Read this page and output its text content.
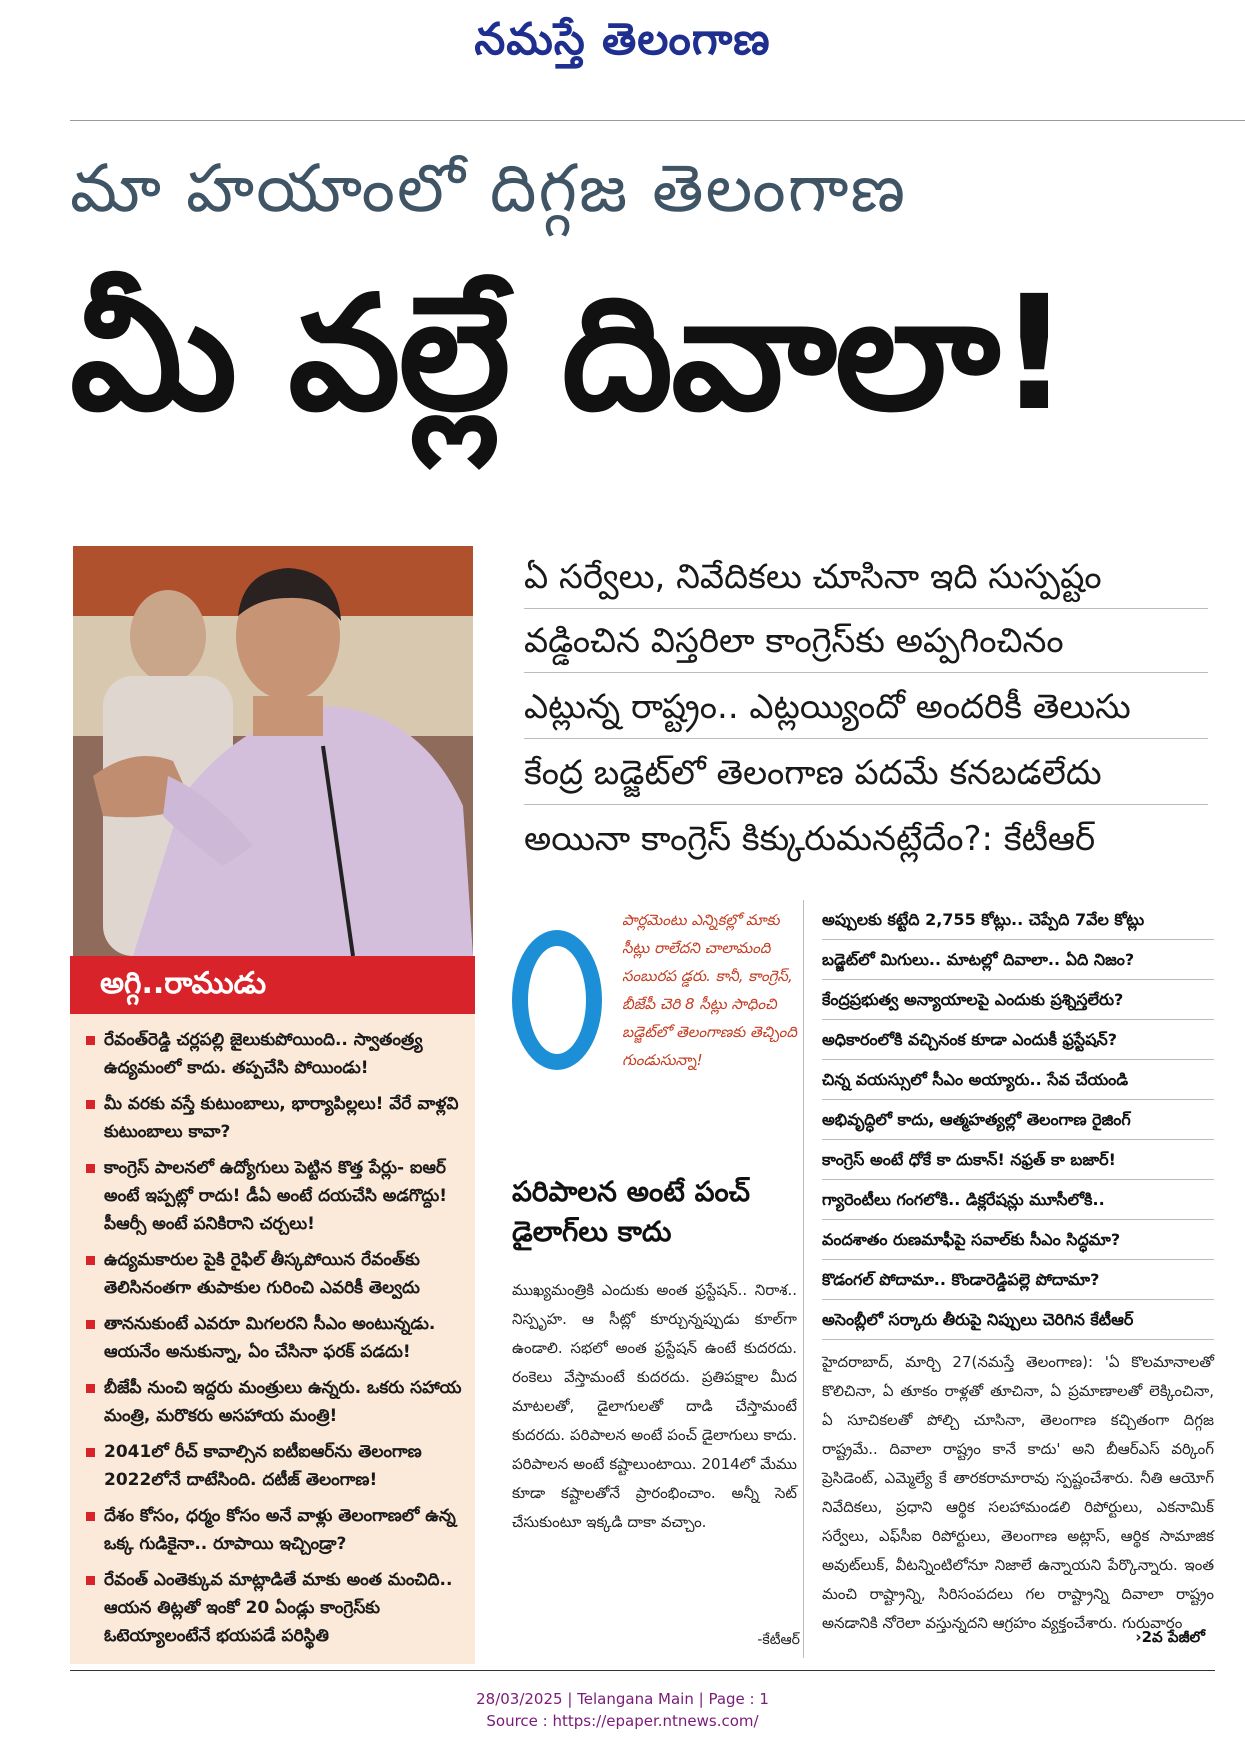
నమస్తే తెలంగాణ
మా హయాంలో దిగ్గజ తెలంగాణ
మీ వల్లే దివాలా!
అగ్గి..రాముడు
రేవంత్‌రెడ్డి చర్లపల్లి జైలుకుపోయింది.. స్వాతంత్ర్య ఉద్యమంలో కాదు. తప్పచేసి పోయిండు!
మీ వరకు వస్తే కుటుంబాలు, భార్యాపిల్లలు! వేరే వాళ్లవి కుటుంబాలు కావా?
కాంగ్రెస్ పాలనలో ఉద్యోగులు పెట్టిన కొత్త పేర్లు- ఐఆర్ అంటే ఇప్పట్లో రాదు! డీఏ అంటే దయచేసి అడగొద్దు! పీఆర్సీ అంటే పనికిరాని చర్చలు!
ఉద్యమకారుల పైకి రైఫిల్ తీస్కపోయిన రేవంత్‌కు తెలిసినంతగా తుపాకుల గురించి ఎవరికీ తెల్వదు
తాననుకుంటే ఎవరూ మిగలరని సీఎం అంటున్నడు. ఆయనేం అనుకున్నా, ఏం చేసినా ఫరక్ పడదు!
బీజేపీ నుంచి ఇద్దరు మంత్రులు ఉన్నరు. ఒకరు సహాయ మంత్రి, మరొకరు అసహాయ మంత్రి!
2041లో రీచ్ కావాల్సిన ఐటీఐఆర్‌ను తెలంగాణ 2022లోనే దాటేసింది. దటీజ్ తెలంగాణ!
దేశం కోసం, ధర్మం కోసం అనే వాళ్లు తెలంగాణలో ఉన్న ఒక్క గుడికైనా.. రూపాయి ఇచ్చిండ్రా?
రేవంత్ ఎంతెక్కువ మాట్లాడితే మాకు అంత మంచిది.. ఆయన తిట్లతో ఇంకో 20 ఏండ్లు కాంగ్రెస్‌కు ఓటెయ్యాలంటేనే భయపడే పరిస్థితి
ఏ సర్వేలు, నివేదికలు చూసినా ఇది సుస్పష్టం
వడ్డించిన విస్తరిలా కాంగ్రెస్‌కు అప్పగించినం
ఎట్లున్న రాష్ట్రం.. ఎట్లయ్యిందో అందరికీ తెలుసు
కేంద్ర బడ్జెట్‌లో తెలంగాణ పదమే కనబడలేదు
అయినా కాంగ్రెస్ కిక్కురుమనట్లేదేం?: కేటీఆర్
పార్లమెంటు ఎన్నికల్లో మాకు సీట్లు రాలేదని చాలామంది సంబురప డ్డరు. కానీ, కాంగ్రెస్, బీజేపీ చెరి 8 సీట్లు సాధించి బడ్జెట్‌లో తెలంగాణకు తెచ్చింది గుండుసున్నా!
పరిపాలన అంటే పంచ్ డైలాగ్‌లు కాదు
ముఖ్యమంత్రికి ఎందుకు అంత ఫ్రస్టేషన్.. నిరాశ.. నిస్పృహ. ఆ సీట్లో కూర్చున్నప్పుడు కూల్‌గా ఉండాలి. సభలో అంత ఫ్రస్టేషన్ ఉంటే కుదరదు. రంకెలు వేస్తామంటే కుదరదు. ప్రతిపక్షాల మీద మాటలతో, డైలాగులతో దాడి చేస్తామంటే కుదరదు. పరిపాలన అంటే పంచ్ డైలాగులు కాదు. పరిపాలన అంటే కష్టాలుంటాయి. 2014లో మేము కూడా కష్టాలతోనే ప్రారంభించాం. అన్నీ సెట్ చేసుకుంటూ ఇక్కడి దాకా వచ్చాం.
-కేటీఆర్
అప్పులకు కట్టేది 2,755 కోట్లు.. చెప్పేది 7వేల కోట్లు
బడ్జెట్‌లో మిగులు.. మాటల్లో దివాలా.. ఏది నిజం?
కేంద్రప్రభుత్వ అన్యాయాలపై ఎందుకు ప్రశ్నిస్తలేరు?
అధికారంలోకి వచ్చినంక కూడా ఎందుకీ ఫ్రస్టేషన్?
చిన్న వయస్సులో సీఎం అయ్యారు.. సేవ చేయండి
అభివృద్ధిలో కాదు, ఆత్మహత్యల్లో తెలంగాణ రైజింగ్
కాంగ్రెస్ అంటే ధోకే కా దుకాన్! నఫ్రత్ కా బజార్!
గ్యారెంటీలు గంగలోకి.. డిక్లరేషన్లు మూసీలోకి..
వందశాతం రుణమాఫీపై సవాల్‌కు సీఎం సిద్ధమా?
కొడంగల్ పోదామా.. కొండారెడ్డిపల్లె పోదామా?
అసెంబ్లీలో సర్కారు తీరుపై నిప్పులు చెరిగిన కేటీఆర్
హైదరాబాద్, మార్చి 27(నమస్తే తెలంగాణ): 'ఏ కొలమానాలతో కొలిచినా, ఏ తూకం రాళ్లతో తూచినా, ఏ ప్రమాణాలతో లెక్కించినా, ఏ సూచికలతో పోల్చి చూసినా, తెలంగాణ కచ్చితంగా దిగ్గజ రాష్ట్రమే.. దివాలా రాష్ట్రం కానే కాదు' అని బీఆర్‌ఎస్ వర్కింగ్ ప్రెసిడెంట్, ఎమ్మెల్యే కే తారకరామారావు స్పష్టంచేశారు. నీతి ఆయోగ్ నివేదికలు, ప్రధాని ఆర్థిక సలహామండలి రిపోర్టులు, ఎకనామిక్ సర్వేలు, ఎఫ్‌సీఐ రిపోర్టులు, తెలంగాణ అట్లాస్, ఆర్థిక సామాజిక అవుట్‌లుక్, వీటన్నింటిలోనూ నిజాలే ఉన్నాయని పేర్కొన్నారు. ఇంత మంచి రాష్ట్రాన్ని, సిరిసంపదలు గల రాష్ట్రాన్ని దివాలా రాష్ట్రం అనడానికి నోరెలా వస్తున్నదని ఆగ్రహం వ్యక్తంచేశారు. గురువారం
›2వ పేజీలో
28/03/2025 | Telangana Main | Page : 1
Source : https://epaper.ntnews.com/
